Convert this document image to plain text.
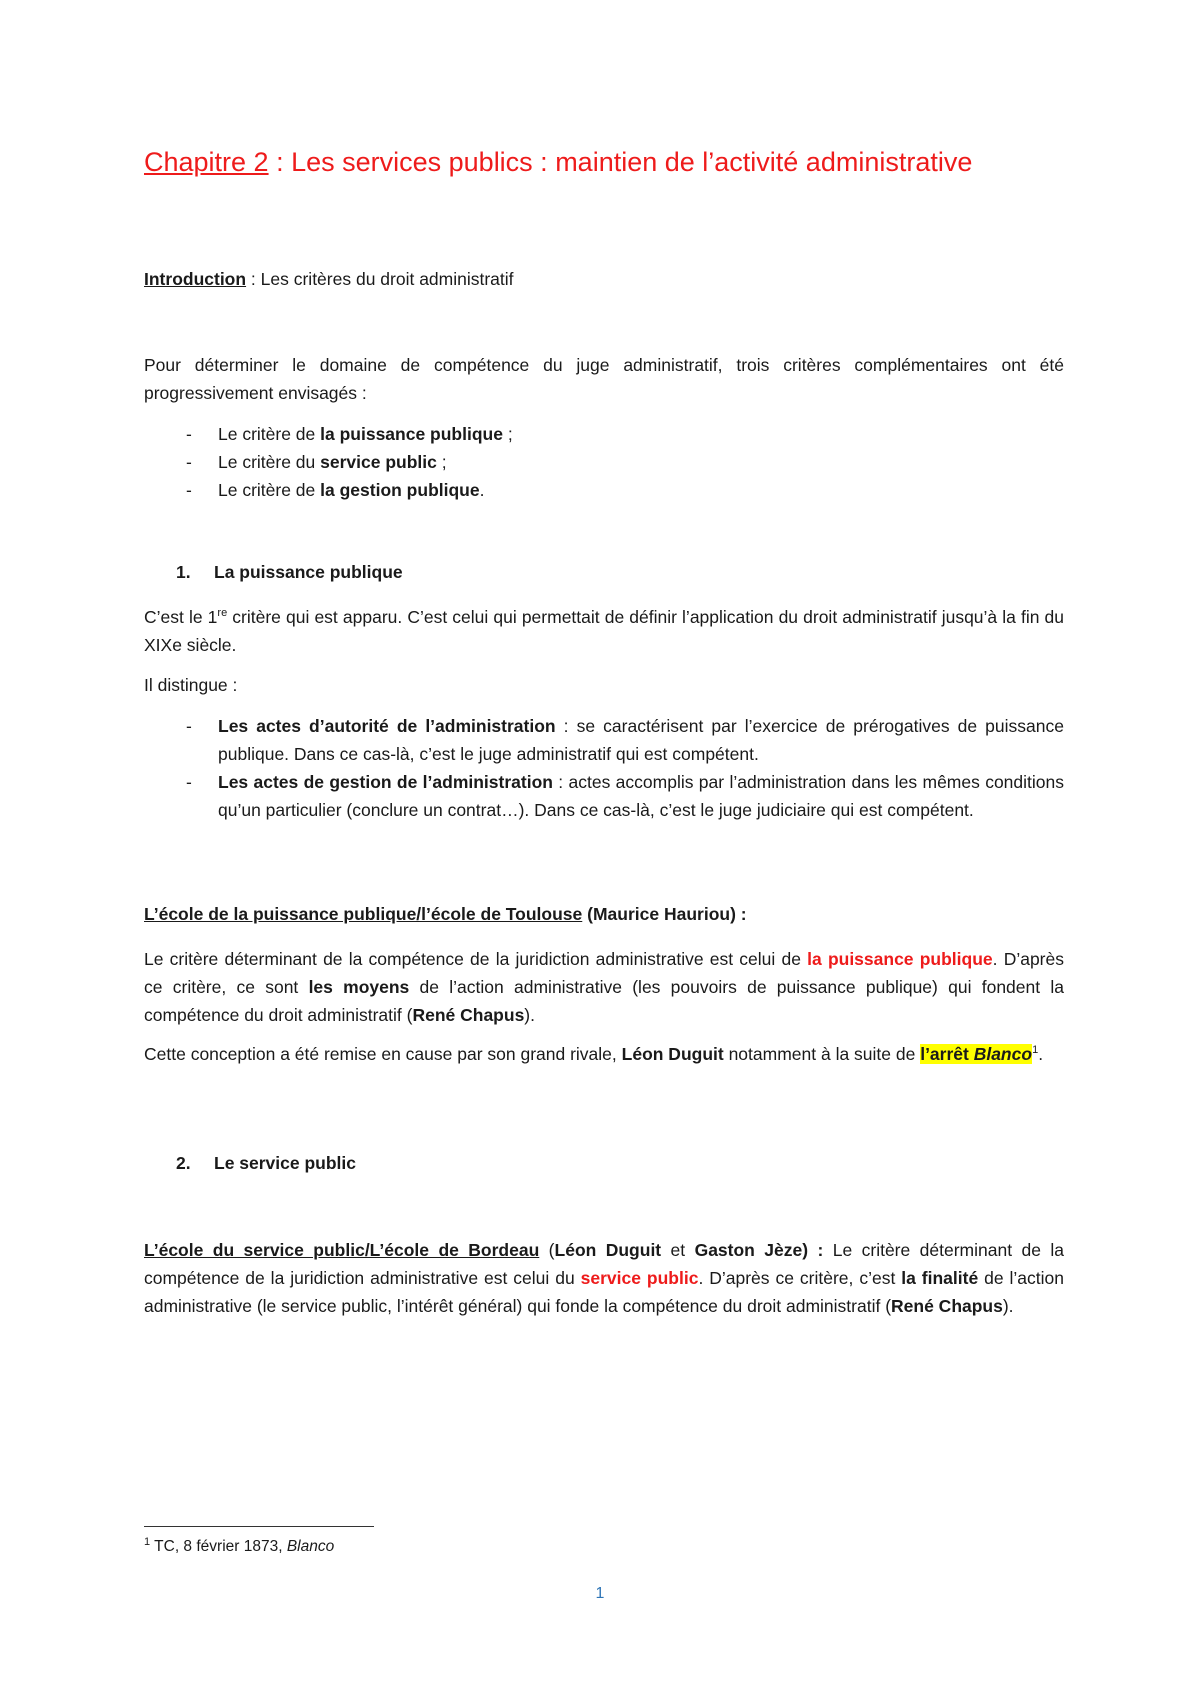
Chapitre 2 : Les services publics : maintien de l’activité administrative

Introduction : Les critères du droit administratif

Pour déterminer le domaine de compétence du juge administratif, trois critères complémentaires ont été progressivement envisagés :

- Le critère de la puissance publique ;
- Le critère du service public ;
- Le critère de la gestion publique.

1. La puissance publique

C’est le 1re critère qui est apparu. C’est celui qui permettait de définir l’application du droit administratif jusqu’à la fin du XIXe siècle.

Il distingue :

- Les actes d’autorité de l’administration : se caractérisent par l’exercice de prérogatives de puissance publique. Dans ce cas-là, c’est le juge administratif qui est compétent.
- Les actes de gestion de l’administration : actes accomplis par l’administration dans les mêmes conditions qu’un particulier (conclure un contrat…). Dans ce cas-là, c’est le juge judiciaire qui est compétent.

L’école de la puissance publique/l’école de Toulouse (Maurice Hauriou) :

Le critère déterminant de la compétence de la juridiction administrative est celui de la puissance publique. D’après ce critère, ce sont les moyens de l’action administrative (les pouvoirs de puissance publique) qui fondent la compétence du droit administratif (René Chapus).

Cette conception a été remise en cause par son grand rivale, Léon Duguit notamment à la suite de l’arrêt Blanco$^1$.

2. Le service public

L’école du service public/L’école de Bordeau (Léon Duguit et Gaston Jèze) : Le critère déterminant de la compétence de la juridiction administrative est celui du service public. D’après ce critère, c’est la finalité de l’action administrative (le service public, l’intérêt général) qui fonde la compétence du droit administratif (René Chapus).

$^1$ TC, 8 février 1873, Blanco

1
